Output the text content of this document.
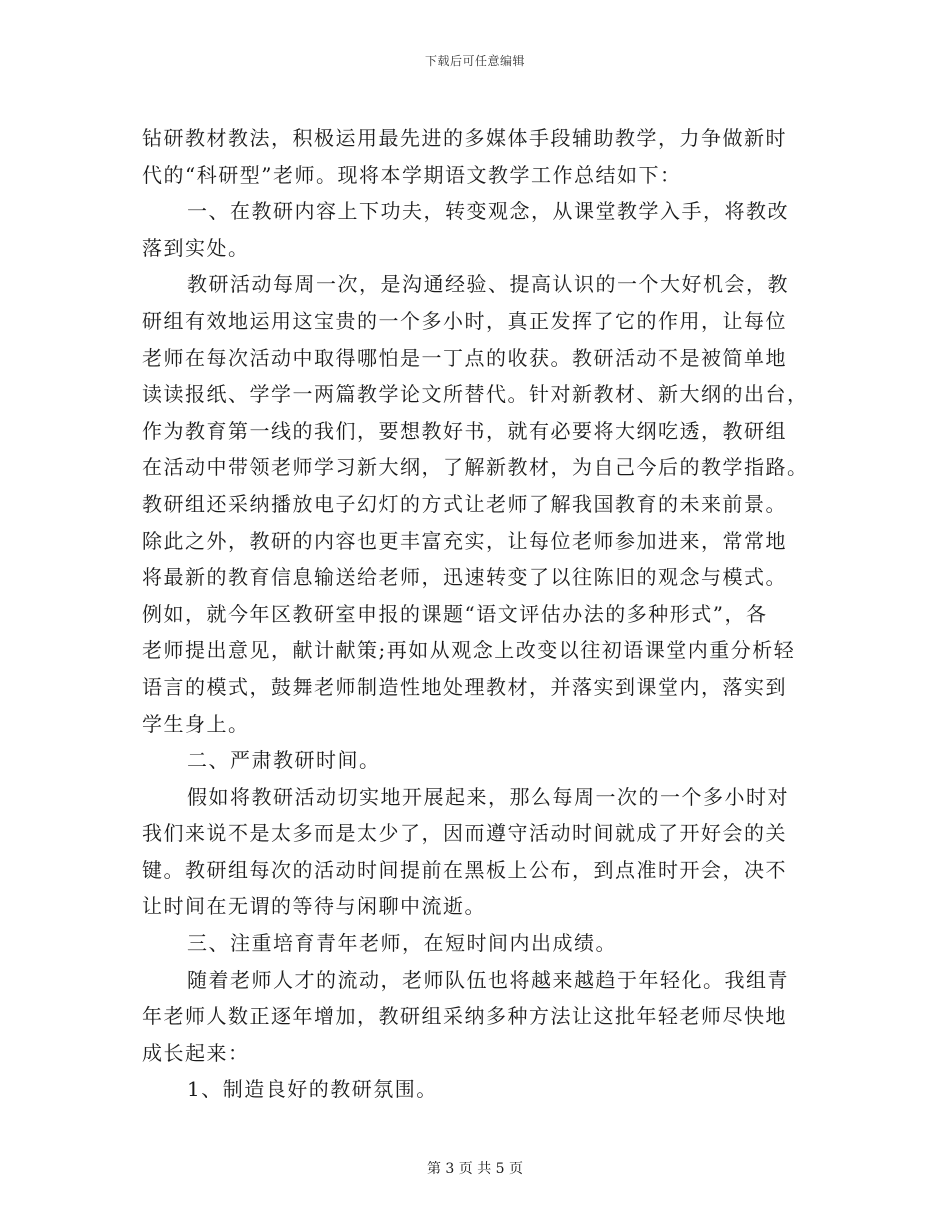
下载后可任意编辑
钻研教材教法，积极运用最先进的多媒体手段辅助教学，力争做新时
代的“科研型”老师。现将本学期语文教学工作总结如下：
一、在教研内容上下功夫，转变观念，从课堂教学入手，将教改
落到实处。
教研活动每周一次，是沟通经验、提高认识的一个大好机会，教
研组有效地运用这宝贵的一个多小时，真正发挥了它的作用，让每位
老师在每次活动中取得哪怕是一丁点的收获。教研活动不是被简单地
读读报纸、学学一两篇教学论文所替代。针对新教材、新大纲的出台，
作为教育第一线的我们，要想教好书，就有必要将大纲吃透，教研组
在活动中带领老师学习新大纲，了解新教材，为自己今后的教学指路。
教研组还采纳播放电子幻灯的方式让老师了解我国教育的未来前景。
除此之外，教研的内容也更丰富充实，让每位老师参加进来，常常地
将最新的教育信息输送给老师，迅速转变了以往陈旧的观念与模式。
例如，就今年区教研室申报的课题“语文评估办法的多种形式”，各
老师提出意见，献计献策;再如从观念上改变以往初语课堂内重分析轻
语言的模式，鼓舞老师制造性地处理教材，并落实到课堂内，落实到
学生身上。
二、严肃教研时间。
假如将教研活动切实地开展起来，那么每周一次的一个多小时对
我们来说不是太多而是太少了，因而遵守活动时间就成了开好会的关
键。教研组每次的活动时间提前在黑板上公布，到点准时开会，决不
让时间在无谓的等待与闲聊中流逝。
三、注重培育青年老师，在短时间内出成绩。
随着老师人才的流动，老师队伍也将越来越趋于年轻化。我组青
年老师人数正逐年增加，教研组采纳多种方法让这批年轻老师尽快地
成长起来：
1、制造良好的教研氛围。
第 3 页 共 5 页
